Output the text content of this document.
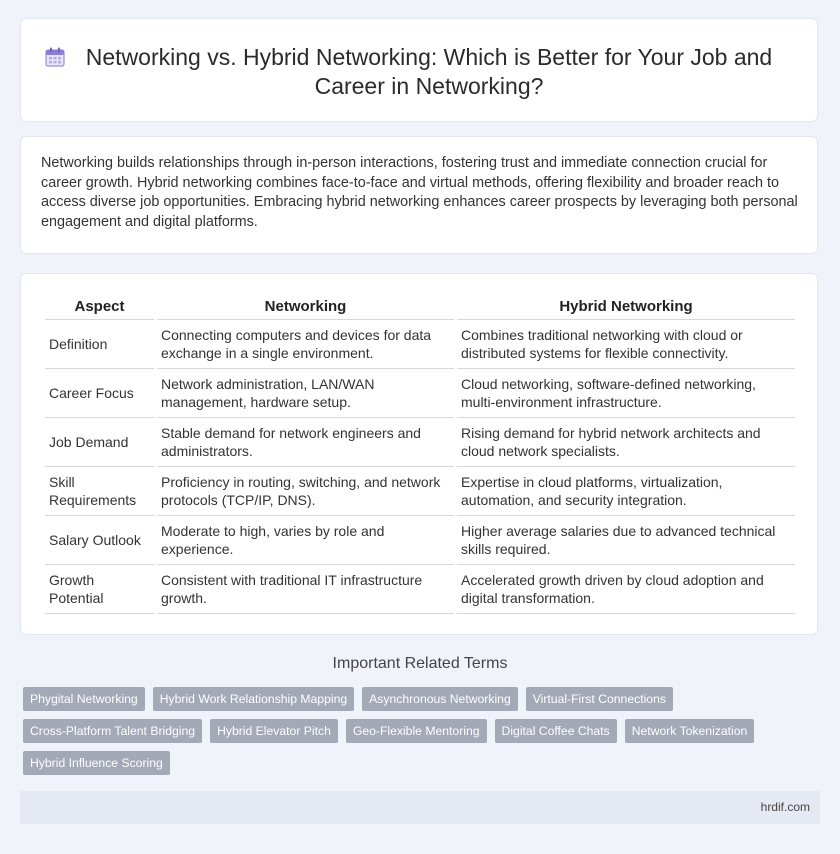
Networking vs. Hybrid Networking: Which is Better for Your Job and Career in Networking?

Networking builds relationships through in-person interactions, fostering trust and immediate connection crucial for career growth. Hybrid networking combines face-to-face and virtual methods, offering flexibility and broader reach to access diverse job opportunities. Embracing hybrid networking enhances career prospects by leveraging both personal engagement and digital platforms.

Aspect	Networking	Hybrid Networking
Definition	Connecting computers and devices for data exchange in a single environment.	Combines traditional networking with cloud or distributed systems for flexible connectivity.
Career Focus	Network administration, LAN/WAN management, hardware setup.	Cloud networking, software-defined networking, multi-environment infrastructure.
Job Demand	Stable demand for network engineers and administrators.	Rising demand for hybrid network architects and cloud network specialists.
Skill Requirements	Proficiency in routing, switching, and network protocols (TCP/IP, DNS).	Expertise in cloud platforms, virtualization, automation, and security integration.
Salary Outlook	Moderate to high, varies by role and experience.	Higher average salaries due to advanced technical skills required.
Growth Potential	Consistent with traditional IT infrastructure growth.	Accelerated growth driven by cloud adoption and digital transformation.
Important Related Terms
Phygital Networking	Hybrid Work Relationship Mapping	Asynchronous Networking	Virtual-First Connections
Cross-Platform Talent Bridging	Hybrid Elevator Pitch	Geo-Flexible Mentoring	Digital Coffee Chats	Network Tokenization
Hybrid Influence Scoring
hrdif.com
